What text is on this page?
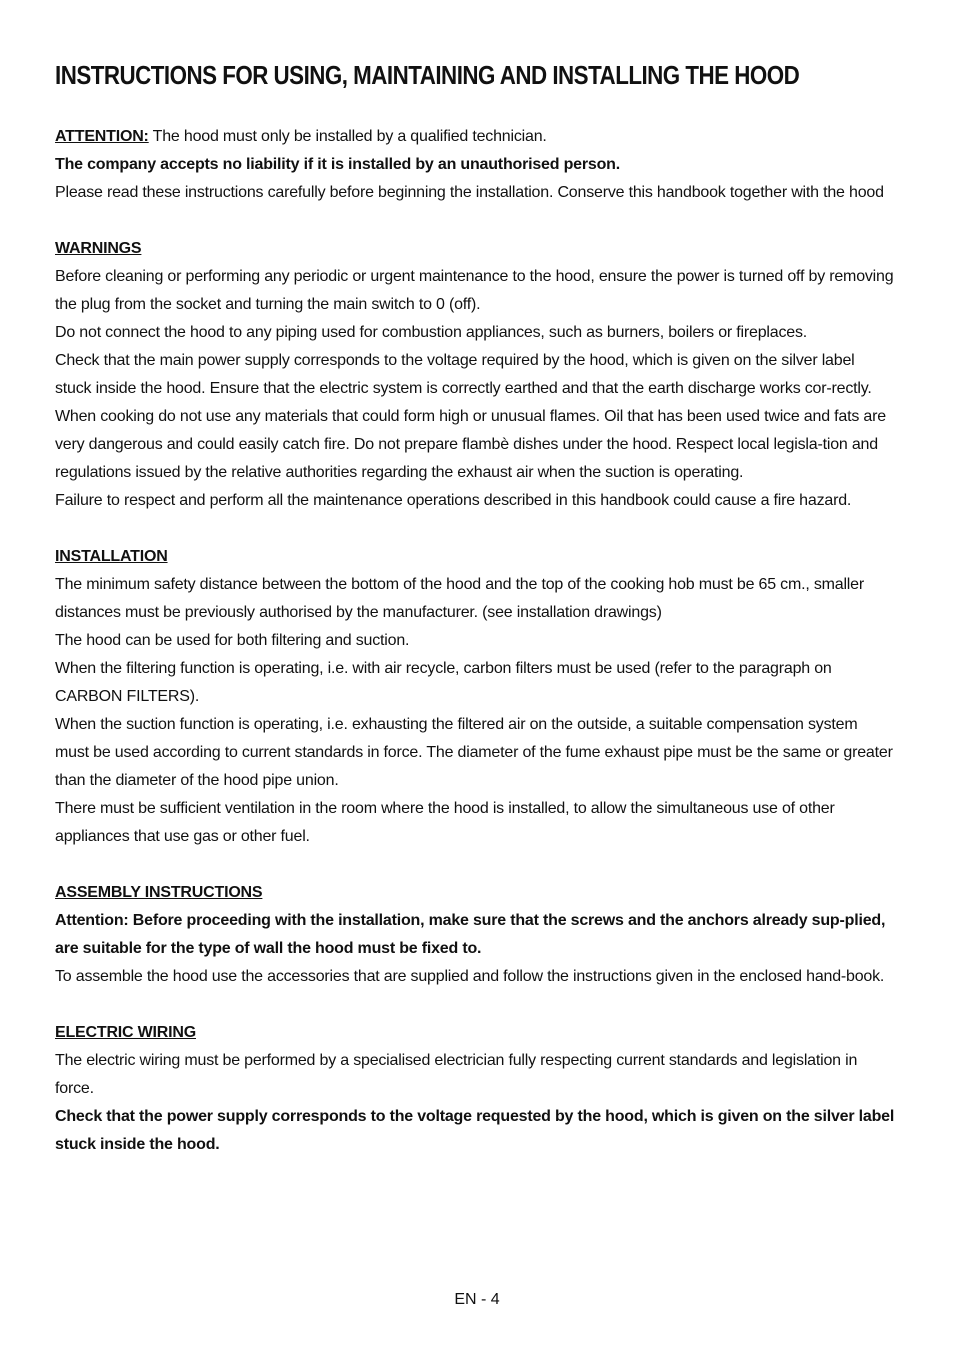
INSTRUCTIONS FOR USING, MAINTAINING AND INSTALLING THE HOOD

ATTENTION: The hood must only be installed by a qualified technician.

The company accepts no liability if it is installed by an unauthorised person.

Please read these instructions carefully before beginning the installation. Conserve this handbook together with the hood

WARNINGS

Before cleaning or performing any periodic or urgent maintenance to the hood, ensure the power is turned off by removing the plug from the socket and turning the main switch to 0 (off).

Do not connect the hood to any piping used for combustion appliances, such as burners, boilers or fireplaces.

Check that the main power supply corresponds to the voltage required by the hood, which is given on the silver label stuck inside the hood. Ensure that the electric system is correctly earthed and that the earth discharge works cor-rectly.

When cooking do not use any materials that could form high or unusual flames. Oil that has been used twice and fats are very dangerous and could easily catch fire. Do not prepare flambè dishes under the hood. Respect local legisla-tion and regulations issued by the relative authorities regarding the exhaust air when the suction is operating.

Failure to respect and perform all the maintenance operations described in this handbook could cause a fire hazard.

INSTALLATION

The minimum safety distance between the bottom of the hood and the top of the cooking hob must be 65 cm., smaller distances must be previously authorised by the manufacturer. (see installation drawings)

The hood can be used for both filtering and suction.

When the filtering function is operating, i.e. with air recycle, carbon filters must be used (refer to the paragraph on CARBON FILTERS).

When the suction function is operating, i.e. exhausting the filtered air on the outside, a suitable compensation system must be used according to current standards in force. The diameter of the fume exhaust pipe must be the same or greater than the diameter of the hood pipe union.

There must be sufficient ventilation in the room where the hood is installed, to allow the simultaneous use of other appliances that use gas or other fuel.

ASSEMBLY INSTRUCTIONS

Attention: Before proceeding with the installation, make sure that the screws and the anchors already sup-plied, are suitable for the type of wall the hood must be fixed to.

To assemble the hood use the accessories that are supplied and follow the instructions given in the enclosed hand-book.

ELECTRIC WIRING

The electric wiring must be performed by a specialised electrician fully respecting current standards and legislation in force.

Check that the power supply corresponds to the voltage requested by the hood, which is given on the silver label stuck inside the hood.

EN - 4
